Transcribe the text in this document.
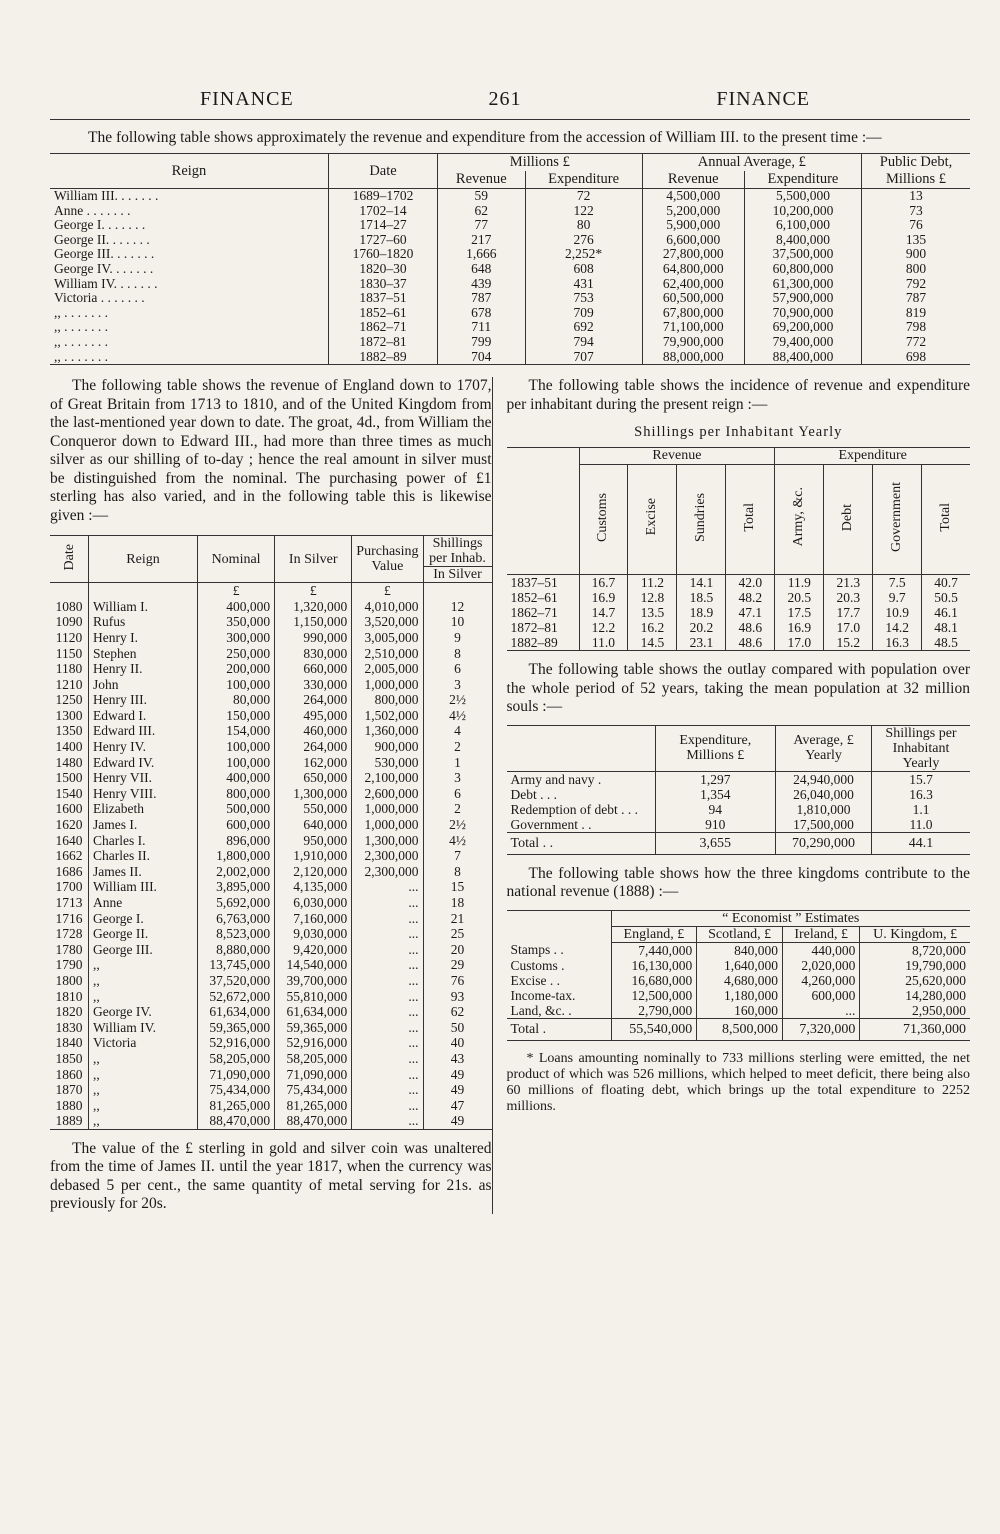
FINANCE	261	FINANCE

The following table shows approximately the revenue and expenditure from the accession of William III. to the present time :—

Reign	Date	Millions £		Annual Average, £		Public Debt, Millions £
		Revenue	Expenditure	Revenue	Expenditure	
William III. . . . . . .	1689–1702	59	72	4,500,000	5,500,000	13
Anne . . . . . . .	1702–14	62	122	5,200,000	10,200,000	73
George I. . . . . . .	1714–27	77	80	5,900,000	6,100,000	76
George II. . . . . . .	1727–60	217	276	6,600,000	8,400,000	135
George III. . . . . . .	1760–1820	1,666	2,252*	27,800,000	37,500,000	900
George IV. . . . . . .	1820–30	648	608	64,800,000	60,800,000	800
William IV. . . . . . .	1830–37	439	431	62,400,000	61,300,000	792
Victoria . . . . . . .	1837–51	787	753	60,500,000	57,900,000	787
,, . . . . . . .	1852–61	678	709	67,800,000	70,900,000	819
,, . . . . . . .	1862–71	711	692	71,100,000	69,200,000	798
,, . . . . . . .	1872–81	799	794	79,900,000	79,400,000	772
,, . . . . . . .	1882–89	704	707	88,000,000	88,400,000	698

The following table shows the revenue of England down to 1707, of Great Britain from 1713 to 1810, and of the United Kingdom from the last-mentioned year down to date. The groat, 4d., from William the Conqueror down to Edward III., had more than three times as much silver as our shilling of to-day ; hence the real amount in silver must be distinguished from the nominal. The purchasing power of £1 sterling has also varied, and in the following table this is likewise given :—

Date	Reign	Nominal	In Silver	Purchasing Value	Shillings per Inhab.
					In Silver
		£	£	£	
1080	William I.	400,000	1,320,000	4,010,000	12
1090	Rufus	350,000	1,150,000	3,520,000	10
1120	Henry I.	300,000	990,000	3,005,000	9
1150	Stephen	250,000	830,000	2,510,000	8
1180	Henry II.	200,000	660,000	2,005,000	6
1210	John	100,000	330,000	1,000,000	3
1250	Henry III.	80,000	264,000	800,000	2½
1300	Edward I.	150,000	495,000	1,502,000	4½
1350	Edward III.	154,000	460,000	1,360,000	4
1400	Henry IV.	100,000	264,000	900,000	2
1480	Edward IV.	100,000	162,000	530,000	1
1500	Henry VII.	400,000	650,000	2,100,000	3
1540	Henry VIII.	800,000	1,300,000	2,600,000	6
1600	Elizabeth	500,000	550,000	1,000,000	2
1620	James I.	600,000	640,000	1,000,000	2½
1640	Charles I.	896,000	950,000	1,300,000	4½
1662	Charles II.	1,800,000	1,910,000	2,300,000	7
1686	James II.	2,002,000	2,120,000	2,300,000	8
1700	William III.	3,895,000	4,135,000	...	15
1713	Anne	5,692,000	6,030,000	...	18
1716	George I.	6,763,000	7,160,000	...	21
1728	George II.	8,523,000	9,030,000	...	25
1780	George III.	8,880,000	9,420,000	...	20
1790	,,	13,745,000	14,540,000	...	29
1800	,,	37,520,000	39,700,000	...	76
1810	,,	52,672,000	55,810,000	...	93
1820	George IV.	61,634,000	61,634,000	...	62
1830	William IV.	59,365,000	59,365,000	...	50
1840	Victoria	52,916,000	52,916,000	...	40
1850	,,	58,205,000	58,205,000	...	43
1860	,,	71,090,000	71,090,000	...	49
1870	,,	75,434,000	75,434,000	...	49
1880	,,	81,265,000	81,265,000	...	47
1889	,,	88,470,000	88,470,000	...	49

The value of the £ sterling in gold and silver coin was unaltered from the time of James II. until the year 1817, when the currency was debased 5 per cent., the same quantity of metal serving for 21s. as previously for 20s.

The following table shows the incidence of revenue and expenditure per inhabitant during the present reign :—

Shillings per Inhabitant Yearly
	Revenue				Expenditure			
	Customs	Excise	Sundries	Total	Army, &c.	Debt	Government	Total
1837–51	16.7	11.2	14.1	42.0	11.9	21.3	7.5	40.7
1852–61	16.9	12.8	18.5	48.2	20.5	20.3	9.7	50.5
1862–71	14.7	13.5	18.9	47.1	17.5	17.7	10.9	46.1
1872–81	12.2	16.2	20.2	48.6	16.9	17.0	14.2	48.1
1882–89	11.0	14.5	23.1	48.6	17.0	15.2	16.3	48.5

The following table shows the outlay compared with population over the whole period of 52 years, taking the mean population at 32 million souls :—

	Expenditure, Millions £	Average, £ Yearly	Shillings per Inhabitant Yearly
Army and navy .	1,297	24,940,000	15.7
Debt . . .	1,354	26,040,000	16.3
Redemption of debt . . .	94	1,810,000	1.1
Government . .	910	17,500,000	11.0
Total . .	3,655	70,290,000	44.1

The following table shows how the three kingdoms contribute to the national revenue (1888) :—

	“ Economist ” Estimates			
	England, £	Scotland, £	Ireland, £	U. Kingdom, £
Stamps . .	7,440,000	840,000	440,000	8,720,000
Customs .	16,130,000	1,640,000	2,020,000	19,790,000
Excise . .	16,680,000	4,680,000	4,260,000	25,620,000
Income-tax.	12,500,000	1,180,000	600,000	14,280,000
Land, &c. .	2,790,000	160,000	...	2,950,000
Total .	55,540,000	8,500,000	7,320,000	71,360,000

* Loans amounting nominally to 733 millions sterling were emitted, the net product of which was 526 millions, which helped to meet deficit, there being also 60 millions of floating debt, which brings up the total expenditure to 2252 millions.
